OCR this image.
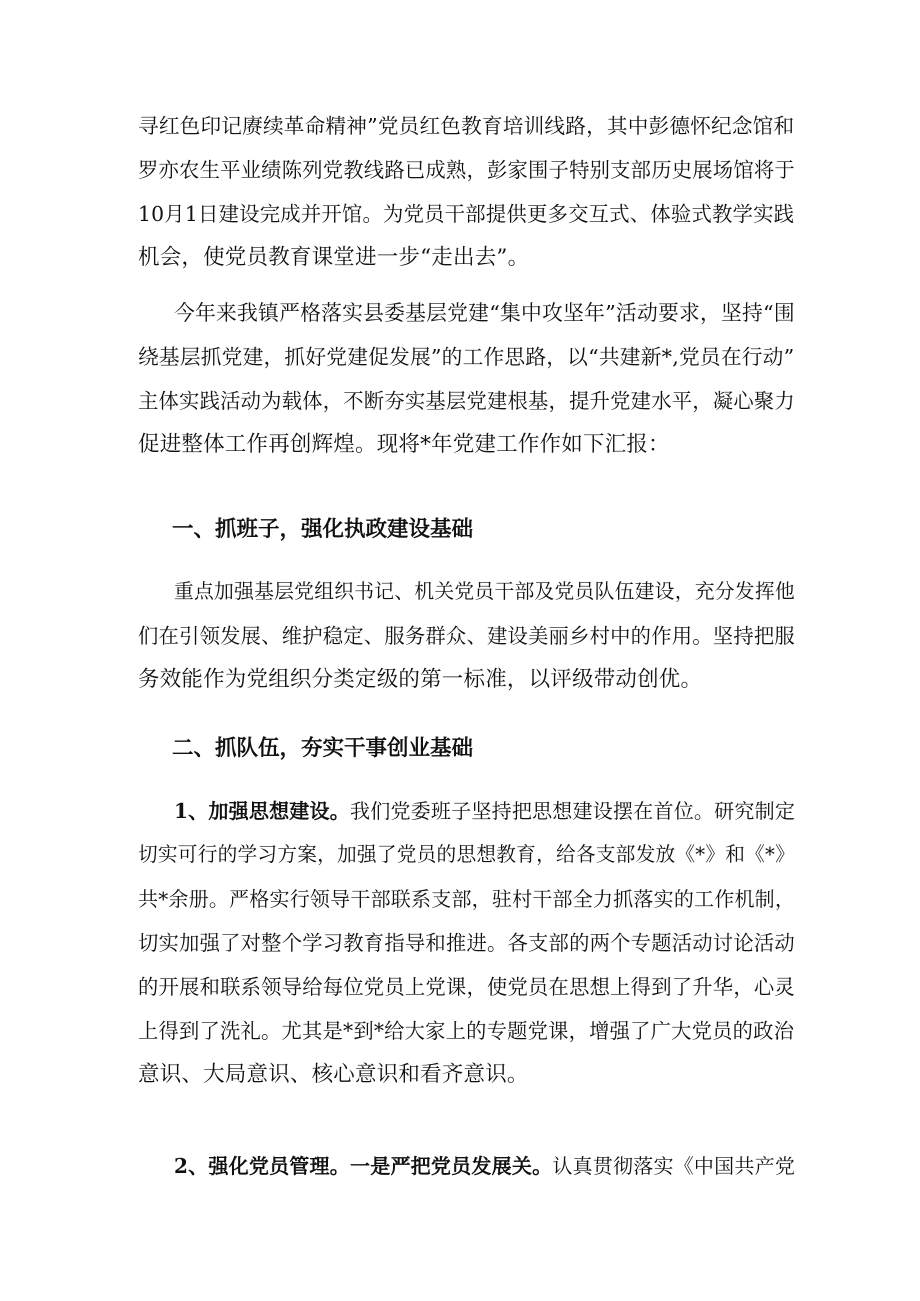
寻红色印记赓续革命精神”党员红色教育培训线路，其中彭德怀纪念馆和
罗亦农生平业绩陈列党教线路已成熟，彭家围子特别支部历史展场馆将于
10月1日建设完成并开馆。为党员干部提供更多交互式、体验式教学实践
机会，使党员教育课堂进一步“走出去”。
今年来我镇严格落实县委基层党建“集中攻坚年”活动要求，坚持“围
绕基层抓党建，抓好党建促发展”的工作思路，以“共建新*,党员在行动”
主体实践活动为载体，不断夯实基层党建根基，提升党建水平，凝心聚力
促进整体工作再创辉煌。现将*年党建工作作如下汇报：
一、抓班子，强化执政建设基础
重点加强基层党组织书记、机关党员干部及党员队伍建设，充分发挥他
们在引领发展、维护稳定、服务群众、建设美丽乡村中的作用。坚持把服
务效能作为党组织分类定级的第一标准，以评级带动创优。
二、抓队伍，夯实干事创业基础
1、加强思想建设。我们党委班子坚持把思想建设摆在首位。研究制定
切实可行的学习方案，加强了党员的思想教育，给各支部发放《*》和《*》
共*余册。严格实行领导干部联系支部，驻村干部全力抓落实的工作机制，
切实加强了对整个学习教育指导和推进。各支部的两个专题活动讨论活动
的开展和联系领导给每位党员上党课，使党员在思想上得到了升华，心灵
上得到了洗礼。尤其是*到*给大家上的专题党课，增强了广大党员的政治
意识、大局意识、核心意识和看齐意识。
2、强化党员管理。一是严把党员发展关。认真贯彻落实《中国共产党
